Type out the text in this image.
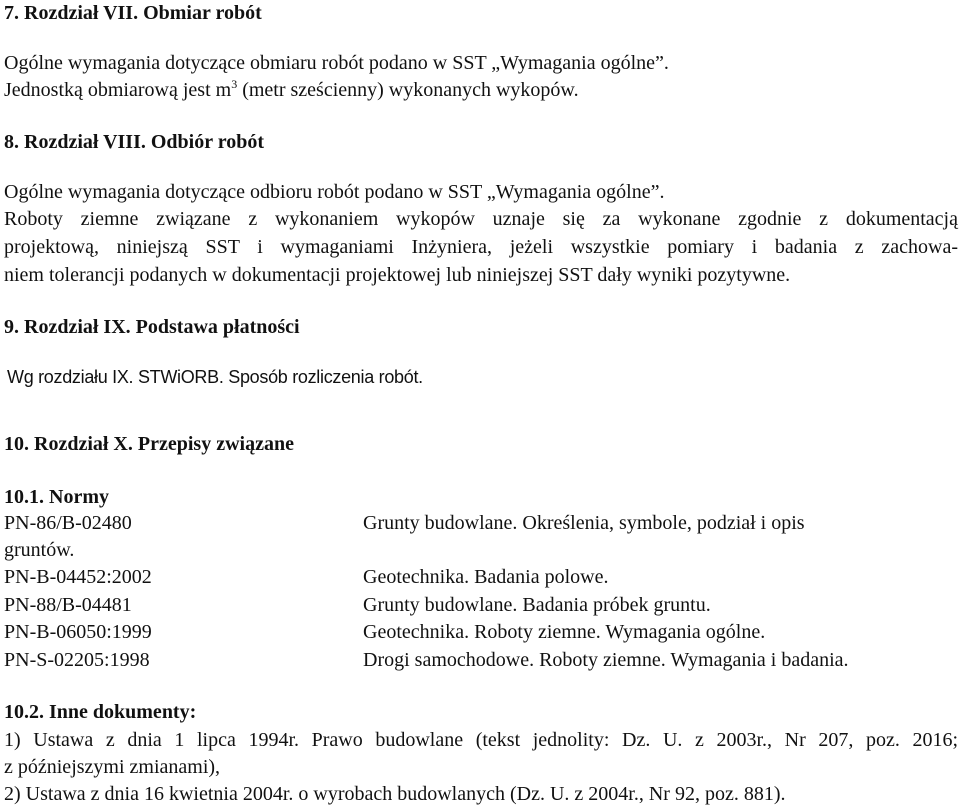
7. Rozdział VII. Obmiar robót
Ogólne wymagania dotyczące obmiaru robót podano w SST „Wymagania ogólne”.
Jednostką obmiarową jest $m^3$ (metr sześcienny) wykonanych wykopów.
8. Rozdział VIII. Odbiór robót
Ogólne wymagania dotyczące odbioru robót podano w SST „Wymagania ogólne”.
Roboty ziemne związane z wykonaniem wykopów uznaje się za wykonane zgodnie z dokumentacją
projektową, niniejszą SST i wymaganiami Inżyniera, jeżeli wszystkie pomiary i badania z zachowa-
niem tolerancji podanych w dokumentacji projektowej lub niniejszej SST dały wyniki pozytywne.
9. Rozdział IX. Podstawa płatności
Wg rozdziału IX. STWiORB. Sposób rozliczenia robót.
10. Rozdział X. Przepisy związane
10.1. Normy
PN-86/B-02480	Grunty budowlane. Określenia, symbole, podział i opis
gruntów.
PN-B-04452:2002	Geotechnika. Badania polowe.
PN-88/B-04481	Grunty budowlane. Badania próbek gruntu.
PN-B-06050:1999	Geotechnika. Roboty ziemne. Wymagania ogólne.
PN-S-02205:1998	Drogi samochodowe. Roboty ziemne. Wymagania i badania.
10.2. Inne dokumenty:
1) Ustawa z dnia 1 lipca 1994r. Prawo budowlane (tekst jednolity: Dz. U. z 2003r., Nr 207, poz. 2016;
z późniejszymi zmianami),
2) Ustawa z dnia 16 kwietnia 2004r. o wyrobach budowlanych (Dz. U. z 2004r., Nr 92, poz. 881).
